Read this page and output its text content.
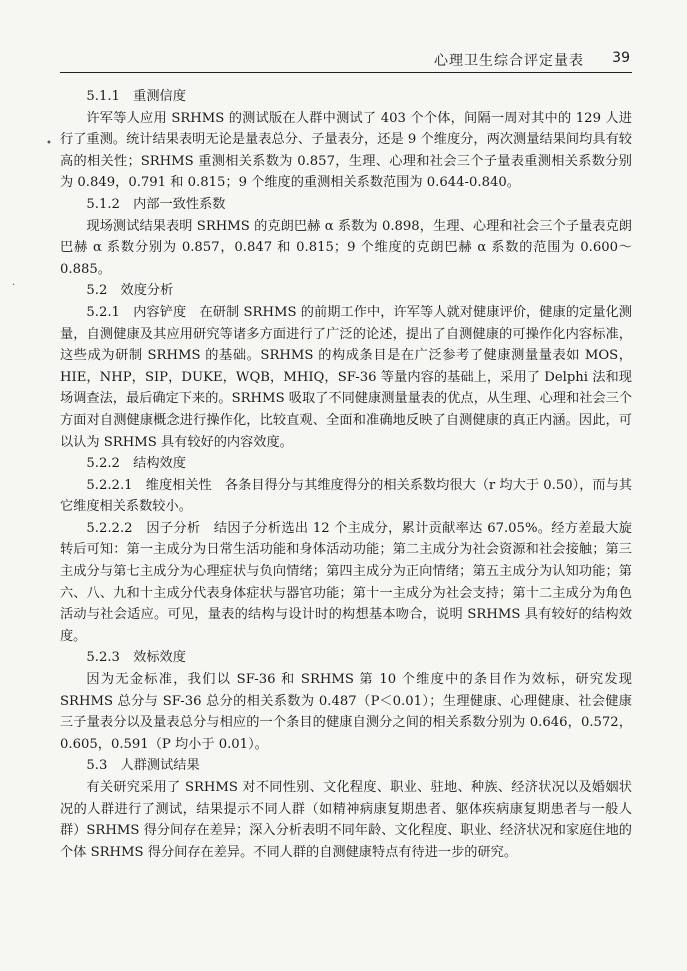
心理卫生综合评定量表 39

5.1.1　重测信度

许军等人应用 SRHMS 的测试版在人群中测试了 403 个个体，间隔一周对其中的 129 人进行了重测。统计结果表明无论是量表总分、子量表分，还是 9 个维度分，两次测量结果间均具有较高的相关性；SRHMS 重测相关系数为 0.857，生理、心理和社会三个子量表重测相关系数分别为 0.849，0.791 和 0.815；9 个维度的重测相关系数范围为 0.644-0.840。

5.1.2　内部一致性系数

现场测试结果表明 SRHMS 的克朗巴赫 α 系数为 0.898，生理、心理和社会三个子量表克朗巴赫 α 系数分别为 0.857，0.847 和 0.815；9 个维度的克朗巴赫 α 系数的范围为 0.600～0.885。

5.2　效度分析

5.2.1　内容铲度　在研制 SRHMS 的前期工作中，许军等人就对健康评价，健康的定量化测量，自测健康及其应用研究等诸多方面进行了广泛的论述，提出了自测健康的可操作化内容标准，这些成为研制 SRHMS 的基础。SRHMS 的构成条目是在广泛参考了健康测量量表如 MOS，HIE，NHP，SIP，DUKE，WQB，MHIQ，SF-36 等量内容的基础上，采用了 Delphi 法和现场调查法，最后确定下来的。SRHMS 吸取了不同健康测量量表的优点，从生理、心理和社会三个方面对自测健康概念进行操作化，比较直观、全面和准确地反映了自测健康的真正内涵。因此，可以认为 SRHMS 具有较好的内容效度。

5.2.2　结构效度

5.2.2.1　维度相关性　各条目得分与其维度得分的相关系数均很大（r 均大于 0.50），而与其它维度相关系数较小。

5.2.2.2　因子分析　结因子分析选出 12 个主成分，累计贡献率达 67.05%。经方差最大旋转后可知：第一主成分为日常生活功能和身体活动功能；第二主成分为社会资源和社会接触；第三主成分与第七主成分为心理症状与负向情绪；第四主成分为正向情绪；第五主成分为认知功能；第六、八、九和十主成分代表身体症状与器官功能；第十一主成分为社会支持；第十二主成分为角色活动与社会适应。可见，量表的结构与设计时的构想基本吻合，说明 SRHMS 具有较好的结构效度。

5.2.3　效标效度

因为无金标准，我们以 SF-36 和 SRHMS 第 10 个维度中的条目作为效标，研究发现 SRHMS 总分与 SF-36 总分的相关系数为 0.487（P＜0.01）；生理健康、心理健康、社会健康三子量表分以及量表总分与相应的一个条目的健康自测分之间的相关系数分别为 0.646，0.572，0.605，0.591（P 均小于 0.01）。

5.3　人群测试结果

有关研究采用了 SRHMS 对不同性别、文化程度、职业、驻地、种族、经济状况以及婚姻状况的人群进行了测试，结果提示不同人群（如精神病康复期患者、躯体疾病康复期患者与一般人群）SRHMS 得分间存在差异；深入分析表明不同年龄、文化程度、职业、经济状况和家庭住地的个体 SRHMS 得分间存在差异。不同人群的自测健康特点有待进一步的研究。

•
·
